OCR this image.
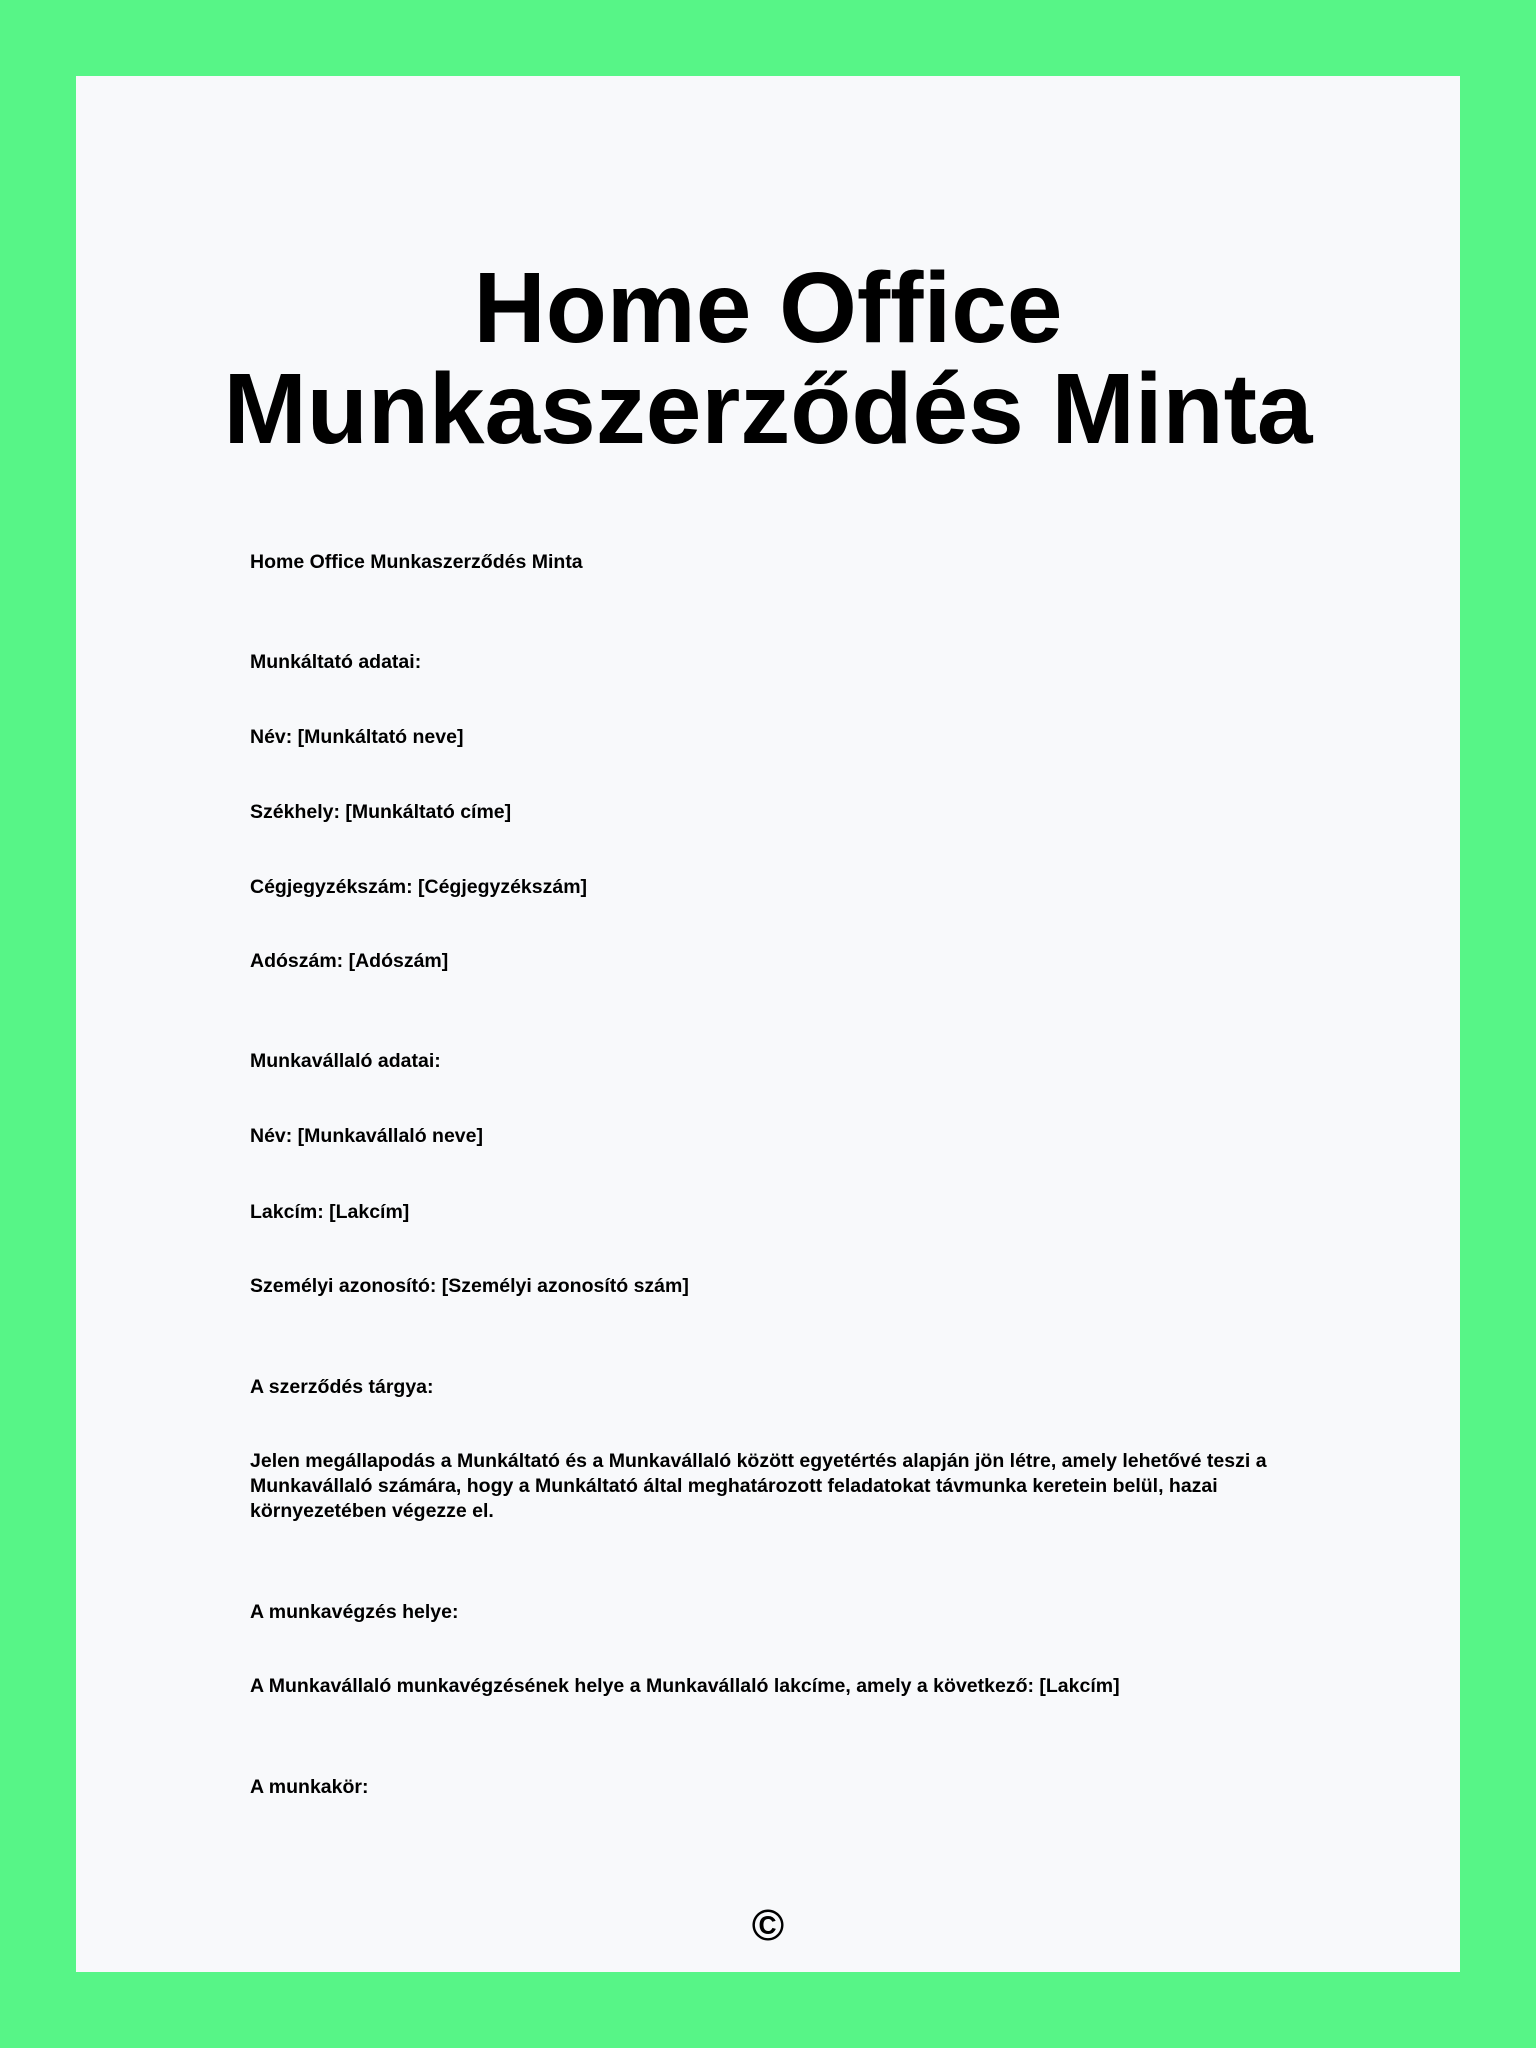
Home Office
Munkaszerződés Minta

Home Office Munkaszerződés Minta

Munkáltató adatai:

Név: [Munkáltató neve]

Székhely: [Munkáltató címe]

Cégjegyzékszám: [Cégjegyzékszám]

Adószám: [Adószám]

Munkavállaló adatai:

Név: [Munkavállaló neve]

Lakcím: [Lakcím]

Személyi azonosító: [Személyi azonosító szám]

A szerződés tárgya:

Jelen megállapodás a Munkáltató és a Munkavállaló között egyetértés alapján jön létre, amely lehetővé teszi a Munkavállaló számára, hogy a Munkáltató által meghatározott feladatokat távmunka keretein belül, hazai környezetében végezze el.

A munkavégzés helye:

A Munkavállaló munkavégzésének helye a Munkavállaló lakcíme, amely a következő: [Lakcím]

A munkakör:

©
